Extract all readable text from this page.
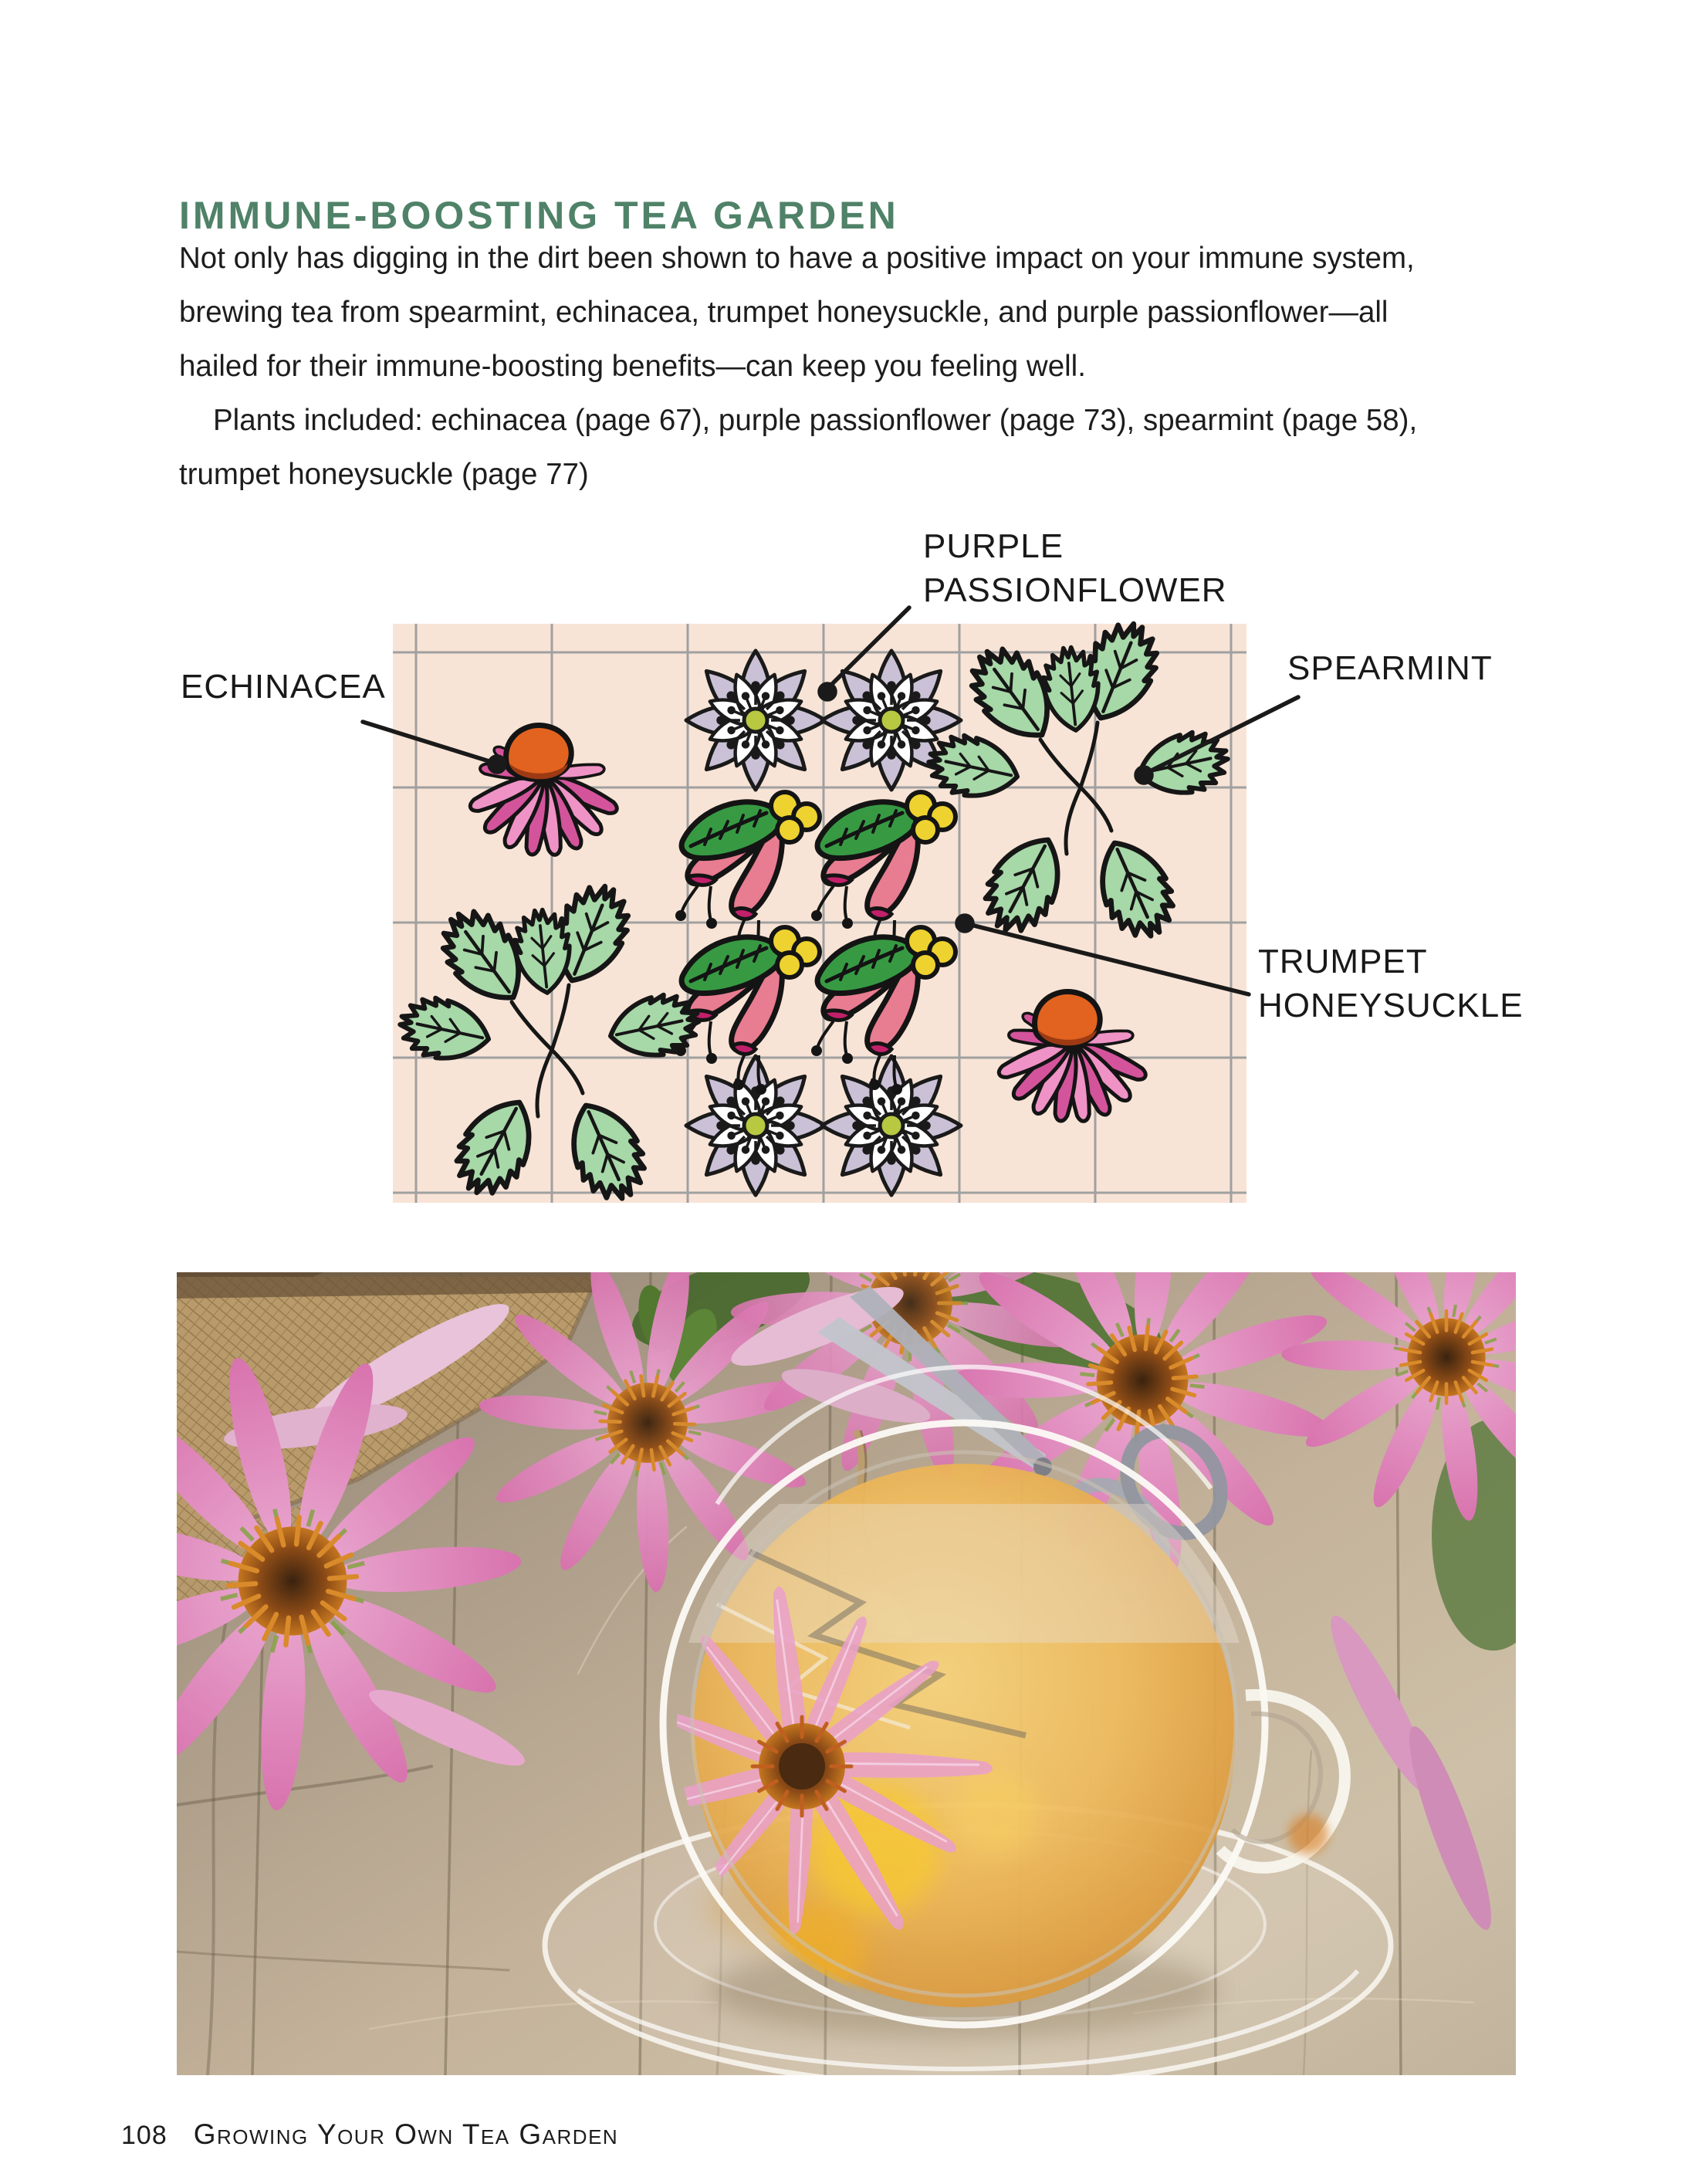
IMMUNE-BOOSTING TEA GARDEN
Not only has digging in the dirt been shown to have a positive impact on your immune system,
brewing tea from spearmint, echinacea, trumpet honeysuckle, and purple passionflower—all
hailed for their immune-boosting benefits—can keep you feeling well.
Plants included: echinacea (page 67), purple passionflower (page 73), spearmint (page 58),
trumpet honeysuckle (page 77)
PURPLE
PASSIONFLOWER
ECHINACEA	SPEARMINT
TRUMPET
HONEYSUCKLE
108 Growing Your Own Tea Garden
